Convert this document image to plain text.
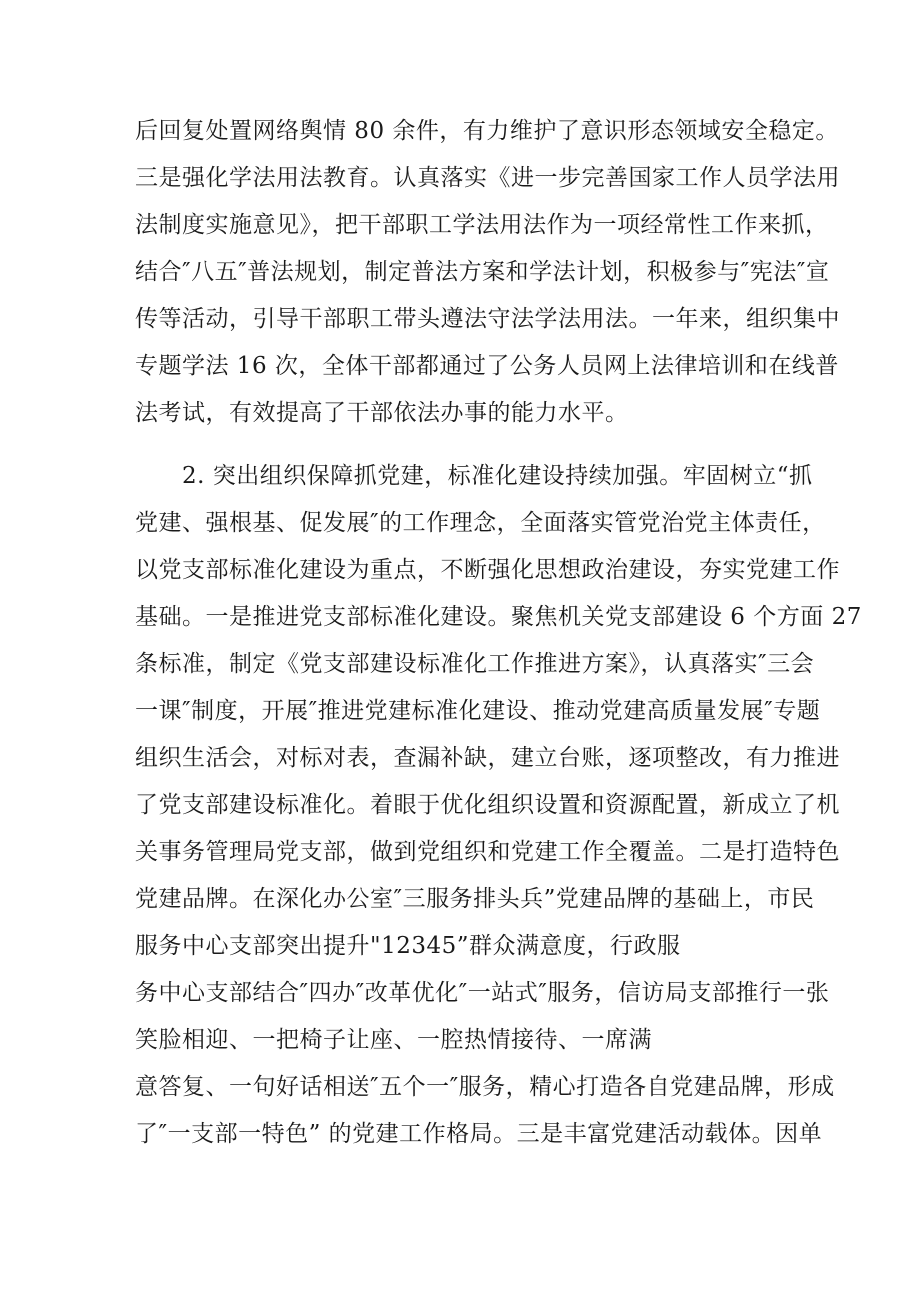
后回复处置网络舆情 80 余件，有力维护了意识形态领域安全稳定。
三是强化学法用法教育。认真落实《进一步完善国家工作人员学法用
法制度实施意见》，把干部职工学法用法作为一项经常性工作来抓，
结合″八五″普法规划，制定普法方案和学法计划，积极参与″宪法″宣
传等活动，引导干部职工带头遵法守法学法用法。一年来，组织集中
专题学法 16 次，全体干部都通过了公务人员网上法律培训和在线普
法考试，有效提高了干部依法办事的能力水平。
　　2. 突出组织保障抓党建，标准化建设持续加强。牢固树立“抓
党建、强根基、促发展″的工作理念，全面落实管党治党主体责任，
以党支部标准化建设为重点，不断强化思想政治建设，夯实党建工作
基础。一是推进党支部标准化建设。聚焦机关党支部建设 6 个方面 27
条标准，制定《党支部建设标准化工作推进方案》，认真落实″三会
一课″制度，开展″推进党建标准化建设、推动党建高质量发展″专题
组织生活会，对标对表，查漏补缺，建立台账，逐项整改，有力推进
了党支部建设标准化。着眼于优化组织设置和资源配置，新成立了机
关事务管理局党支部，做到党组织和党建工作全覆盖。二是打造特色
党建品牌。在深化办公室″三服务排头兵”党建品牌的基础上，市民
服务中心支部突出提升"12345”群众满意度，行政服
务中心支部结合″四办″改革优化″一站式″服务，信访局支部推行一张
笑脸相迎、一把椅子让座、一腔热情接待、一席满
意答复、一句好话相送″五个一″服务，精心打造各自党建品牌，形成
了″一支部一特色” 的党建工作格局。三是丰富党建活动载体。因单
